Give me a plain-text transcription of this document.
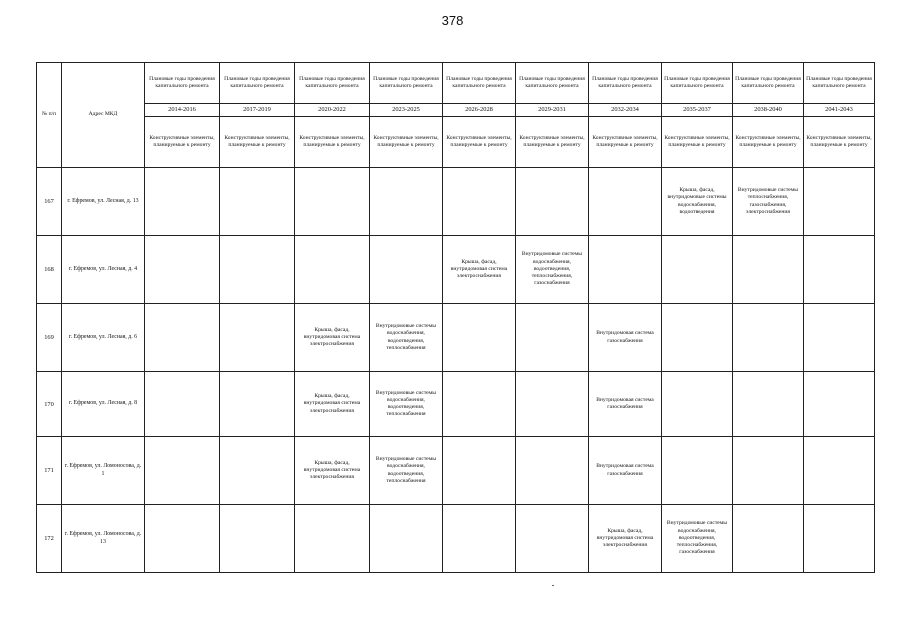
378
№ п/п	Адрес МКД	Плановые годы проведения капитального ремонта	Плановые годы проведения капитального ремонта	Плановые годы проведения капитального ремонта	Плановые годы проведения капитального ремонта	Плановые годы проведения капитального ремонта	Плановые годы проведения капитального ремонта	Плановые годы проведения капитального ремонта	Плановые годы проведения капитального ремонта	Плановые годы проведения капитального ремонта	Плановые годы проведения капитального ремонта
		2014-2016	2017-2019	2020-2022	2023-2025	2026-2028	2029-2031	2032-2034	2035-2037	2038-2040	2041-2043
		Конструктивные элементы, планируемые к ремонту	Конструктивные элементы, планируемые к ремонту	Конструктивные элементы, планируемые к ремонту	Конструктивные элементы, планируемые к ремонту	Конструктивные элементы, планируемые к ремонту	Конструктивные элементы, планируемые к ремонту	Конструктивные элементы, планируемые к ремонту	Конструктивные элементы, планируемые к ремонту	Конструктивные элементы, планируемые к ремонту	Конструктивные элементы, планируемые к ремонту
167	г. Ефремов, ул. Лесная, д. 13								Крыша, фасад, внутридомовые системы водоснабжения, водоотведения	Внутридомовые системы теплоснабжения, газоснабжения, электроснабжения	
168	г. Ефремов, ул. Лесная, д. 4					Крыша, фасад, внутридомовая система электроснабжения	Внутридомовые системы водоснабжения, водоотведения, теплоснабжения, газоснабжения				
169	г. Ефремов, ул. Лесная, д. 6			Крыша, фасад, внутридомовая система электроснабжения	Внутридомовые системы водоснабжения, водоотведения, теплоснабжения			Внутридомовая система газоснабжения			
170	г. Ефремов, ул. Лесная, д. 8			Крыша, фасад, внутридомовая система электроснабжения	Внутридомовые системы водоснабжения, водоотведения, теплоснабжения			Внутридомовая система газоснабжения			
171	г. Ефремов, ул. Ломоносова, д. 1			Крыша, фасад, внутридомовая система электроснабжения	Внутридомовые системы водоснабжения, водоотведения, теплоснабжения			Внутридомовая система газоснабжения			
172	г. Ефремов, ул. Ломоносова, д. 13							Крыша, фасад, внутридомовая система электроснабжения	Внутридомовые системы водоснабжения, водоотведения, теплоснабжения, газоснабжения		
